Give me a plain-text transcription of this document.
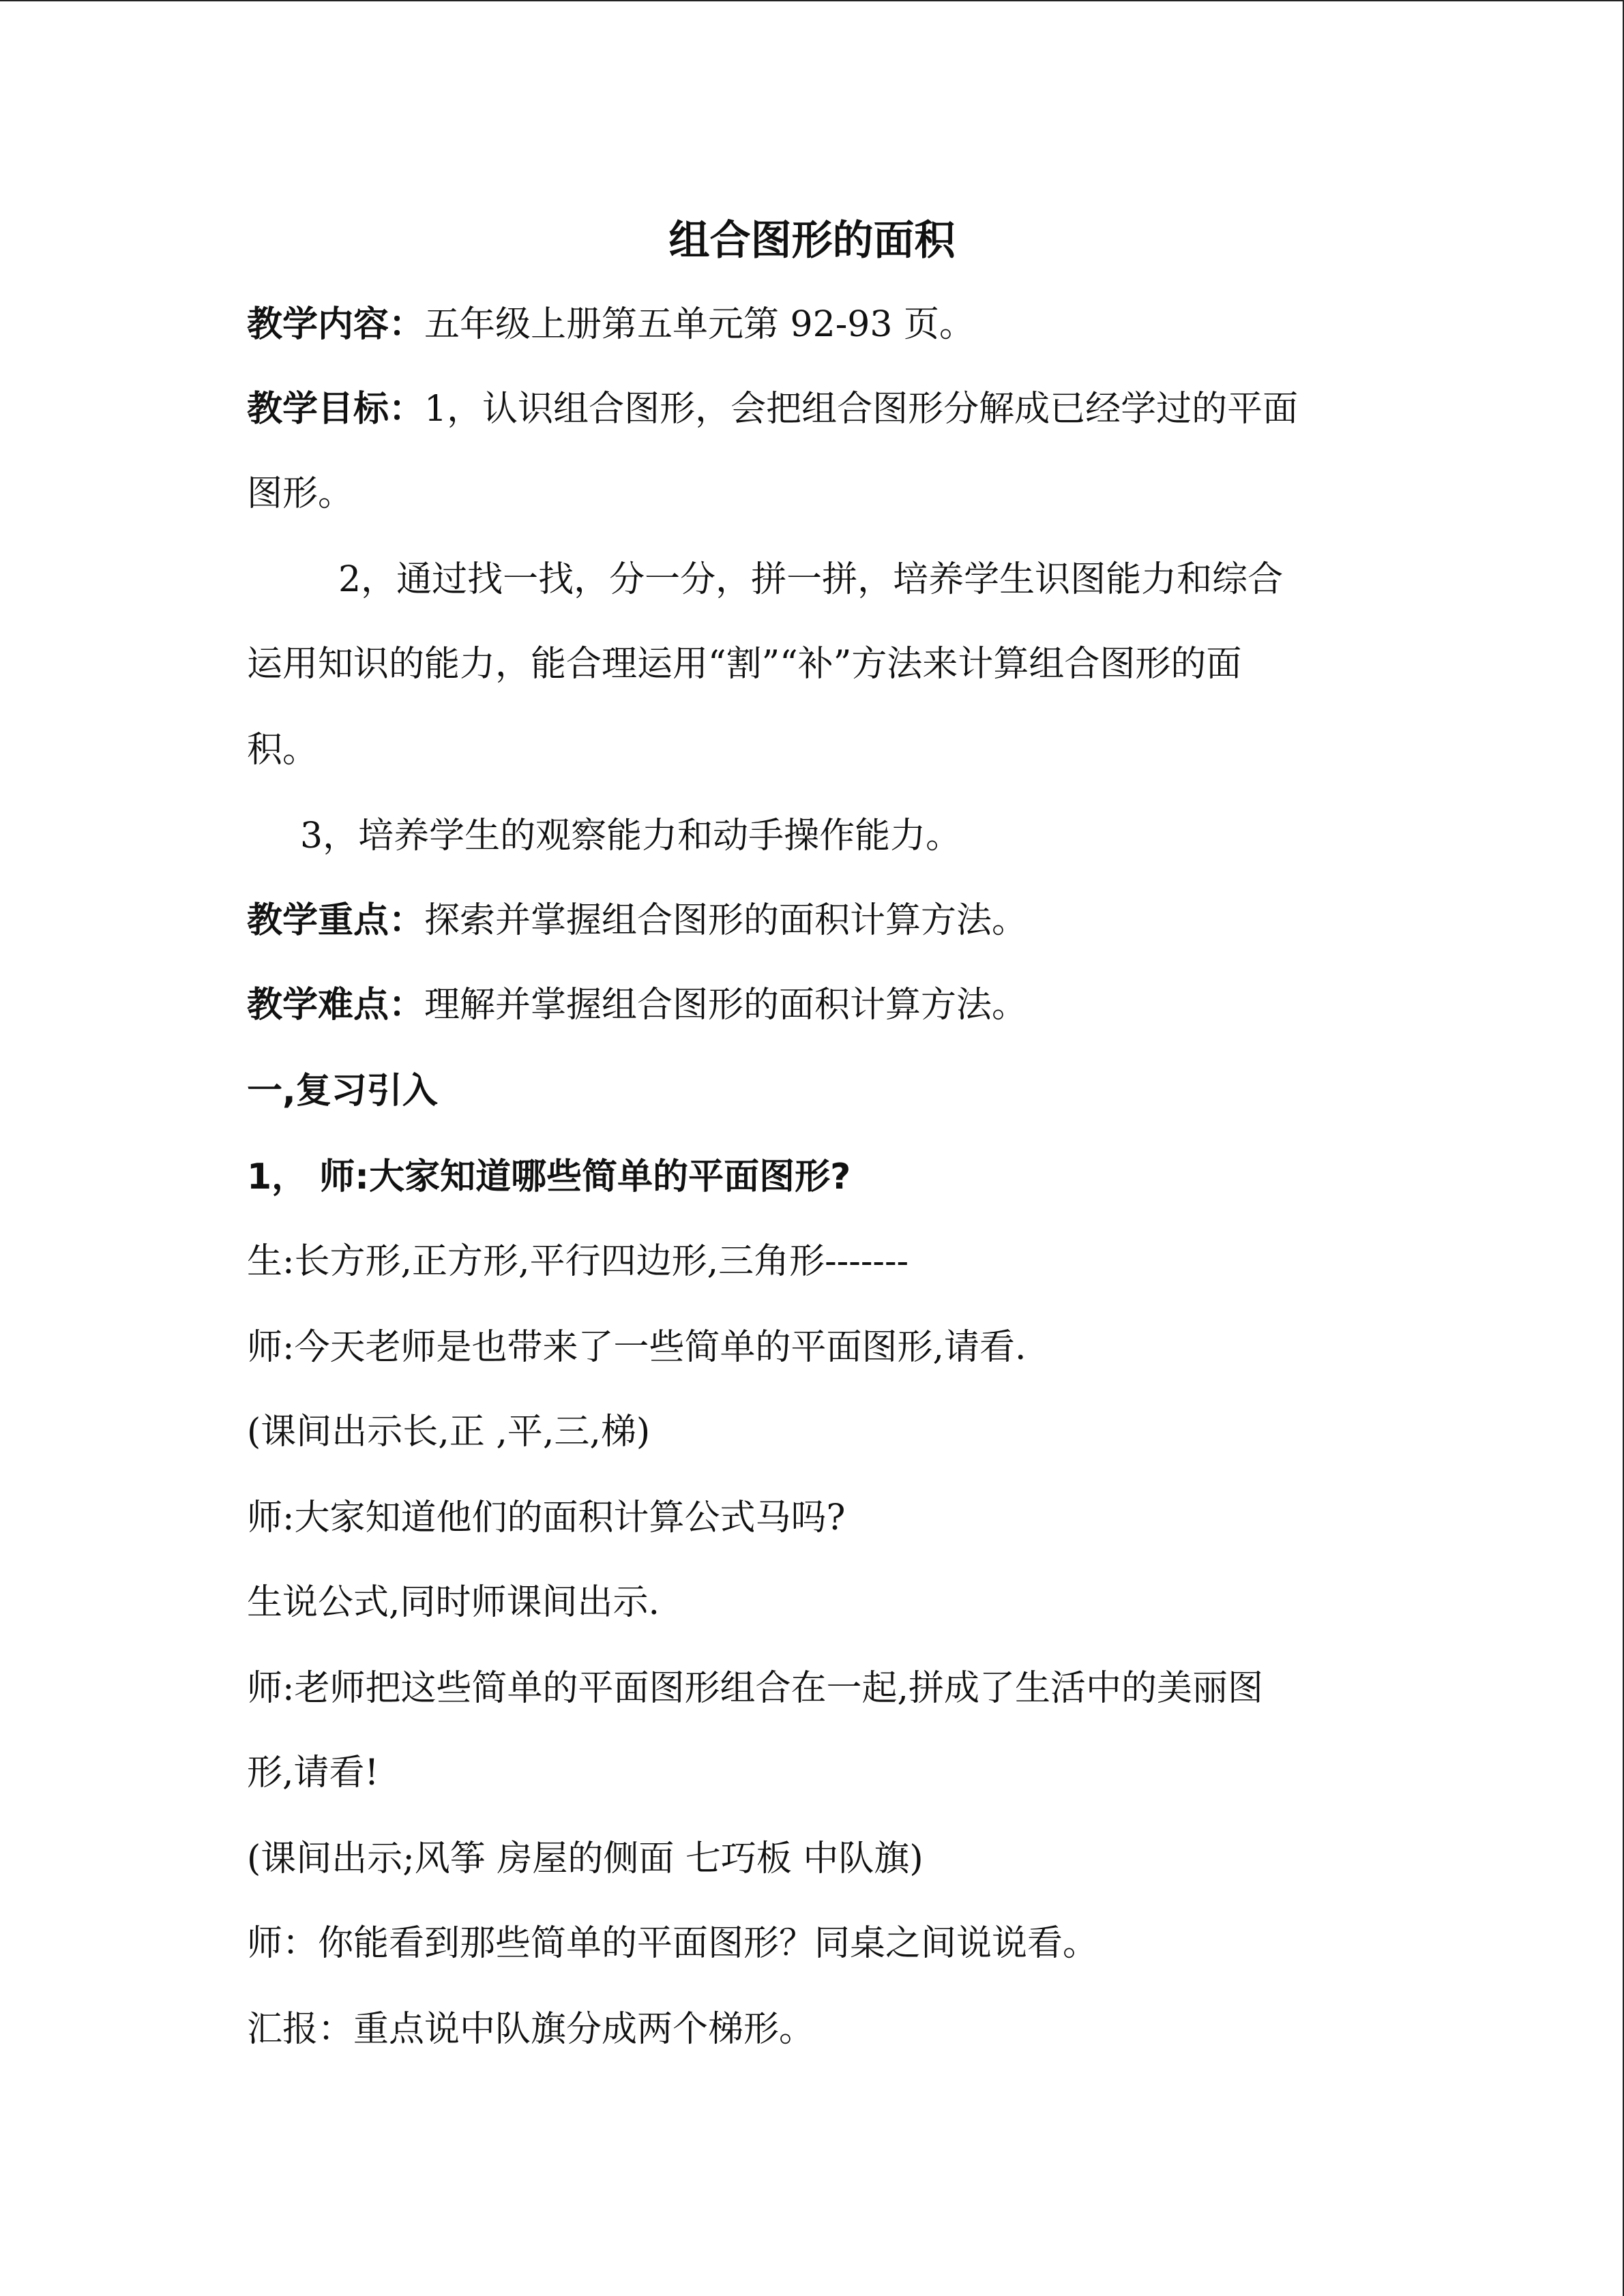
组合图形的面积
教学内容：五年级上册第五单元第 92-93 页。
教学目标：1，认识组合图形，会把组合图形分解成已经学过的平面
图形。
2，通过找一找，分一分，拼一拼，培养学生识图能力和综合
运用知识的能力，能合理运用“割”“补”方法来计算组合图形的面
积。
3，培养学生的观察能力和动手操作能力。
教学重点：探索并掌握组合图形的面积计算方法。
教学难点：理解并掌握组合图形的面积计算方法。
一,复习引入
1， 师:大家知道哪些简单的平面图形?
生:长方形,正方形,平行四边形,三角形-------
师:今天老师是也带来了一些简单的平面图形,请看.
(课间出示长,正 ,平,三,梯)
师:大家知道他们的面积计算公式马吗?
生说公式,同时师课间出示.
师:老师把这些简单的平面图形组合在一起,拼成了生活中的美丽图
形,请看!
(课间出示;风筝 房屋的侧面 七巧板 中队旗)
师：你能看到那些简单的平面图形？同桌之间说说看。
汇报：重点说中队旗分成两个梯形。
